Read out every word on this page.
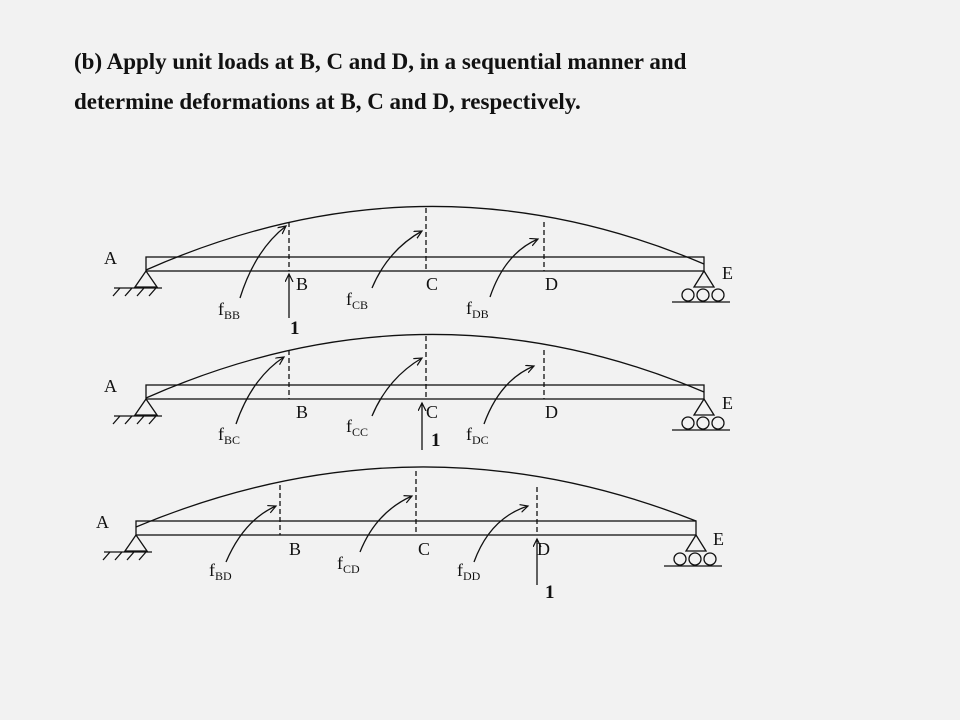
(b) Apply unit loads at B, C and D, in a sequential manner and
determine deformations at B, C and D, respectively.
A
B	C	D
E
$f_{BB}$
$f_{CB}$	$f_{DB}$
1
A
B	C	D	E
$f_{BC}$
$f_{CC}$	$f_{DC}$
1
A
B	C	D	E
$f_{BD}$
$f_{CD}$	$f_{DD}$
1
